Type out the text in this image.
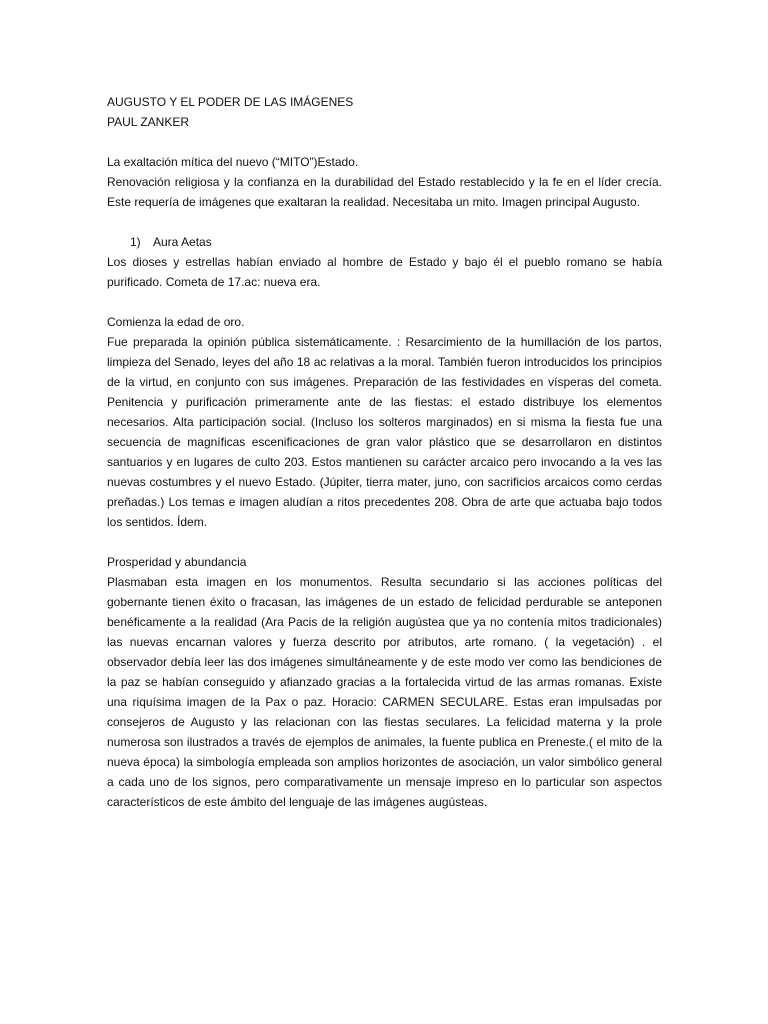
AUGUSTO Y EL PODER DE LAS IMÁGENES
PAUL ZANKER
La exaltación mítica del nuevo (“MITO”)Estado.

Renovación religiosa y la confianza en la durabilidad del Estado restablecido y la fe en el líder crecía. Este requería de imágenes que exaltaran la realidad. Necesitaba un mito. Imagen principal Augusto.

1)	Aura Aetas

Los dioses y estrellas habían enviado al hombre de Estado y bajo él el pueblo romano se había purificado. Cometa de 17.ac: nueva era.

Comienza la edad de oro.

Fue preparada la opinión pública sistemáticamente. : Resarcimiento de la humillación de los partos, limpieza del Senado, leyes del año 18 ac relativas a la moral. También fueron introducidos los principios de la virtud, en conjunto con sus imágenes. Preparación de las festividades en vísperas del cometa. Penitencia y purificación primeramente ante de las fiestas: el estado distribuye los elementos necesarios. Alta participación social. (Incluso los solteros marginados) en si misma la fiesta fue una secuencia de magníficas escenificaciones de gran valor plástico que se desarrollaron en distintos santuarios y en lugares de culto 203. Estos mantienen su carácter arcaico pero invocando a la ves las nuevas costumbres y el nuevo Estado. (Júpiter, tierra mater, juno, con sacrificios arcaicos como cerdas preñadas.) Los temas e imagen aludían a ritos precedentes 208. Obra de arte que actuaba bajo todos los sentidos. Ídem.

Prosperidad y abundancia

Plasmaban esta imagen en los monumentos. Resulta secundario si las acciones políticas del gobernante tienen éxito o fracasan, las imágenes de un estado de felicidad perdurable se anteponen benéficamente a la realidad (Ara Pacis de la religión augústea que ya no contenía mitos tradicionales) las nuevas encarnan valores y fuerza descrito por atributos, arte romano. ( la vegetación) . el observador debía leer las dos imágenes simultáneamente y de este modo ver como las bendiciones de la paz se habían conseguido y afianzado gracias a la fortalecida virtud de las armas romanas. Existe una riquísima imagen de la Pax o paz. Horacio: CARMEN SECULARE. Estas eran impulsadas por consejeros de Augusto y las relacionan con las fiestas seculares. La felicidad materna y la prole numerosa son ilustrados a través de ejemplos de animales, la fuente publica en Preneste.( el mito de la nueva época) la simbología empleada son amplios horizontes de asociación, un valor simbólico general a cada uno de los signos, pero comparativamente un mensaje impreso en lo particular son aspectos característicos de este ámbito del lenguaje de las imágenes augústeas.
